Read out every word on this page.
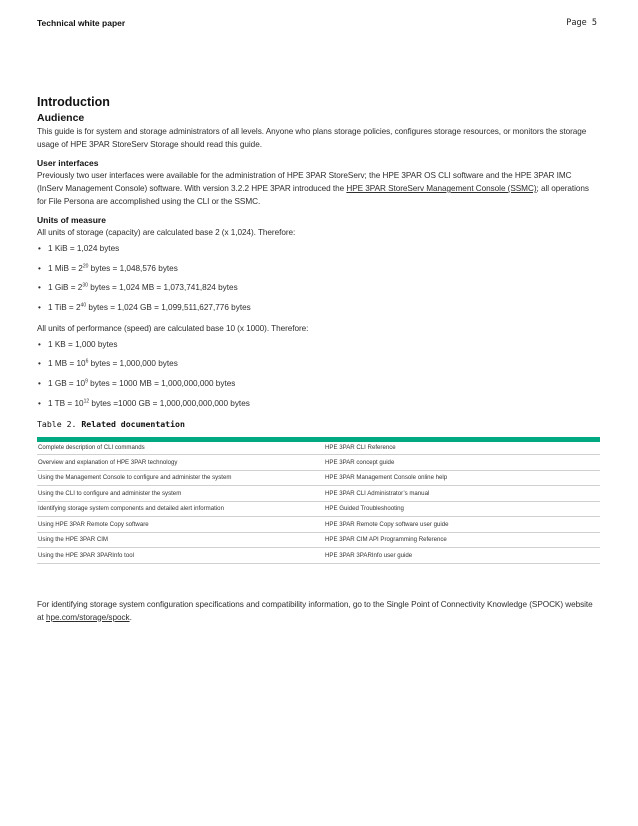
Technical white paper	Page 5
Introduction
Audience

This guide is for system and storage administrators of all levels. Anyone who plans storage policies, configures storage resources, or monitors the storage usage of HPE 3PAR StoreServ Storage should read this guide.

User interfaces

Previously two user interfaces were available for the administration of HPE 3PAR StoreServ; the HPE 3PAR OS CLI software and the HPE 3PAR IMC (InServ Management Console) software. With version 3.2.2 HPE 3PAR introduced the HPE 3PAR StoreServ Management Console (SSMC); all operations for File Persona are accomplished using the CLI or the SSMC.

Units of measure

All units of storage (capacity) are calculated base 2 (x 1,024). Therefore:

• 1 KiB = 1,024 bytes
• 1 MiB = $2^{20}$ bytes = 1,048,576 bytes
• 1 GiB = $2^{30}$ bytes = 1,024 MB = 1,073,741,824 bytes
• 1 TiB = $2^{40}$ bytes = 1,024 GB = 1,099,511,627,776 bytes

All units of performance (speed) are calculated base 10 (x 1000). Therefore:

• 1 KB = 1,000 bytes
• 1 MB = $10^6$ bytes = 1,000,000 bytes
• 1 GB = $10^9$ bytes = 1000 MB = 1,000,000,000 bytes
• 1 TB = $10^{12}$ bytes =1000 GB = 1,000,000,000,000 bytes
Table 2. Related documentation
Complete description of CLI commands	HPE 3PAR CLI Reference
Overview and explanation of HPE 3PAR technology	HPE 3PAR concept guide
Using the Management Console to configure and administer the system	HPE 3PAR Management Console online help
Using the CLI to configure and administer the system	HPE 3PAR CLI Administrator’s manual
Identifying storage system components and detailed alert information	HPE Guided Troubleshooting
Using HPE 3PAR Remote Copy software	HPE 3PAR Remote Copy software user guide
Using the HPE 3PAR CIM	HPE 3PAR CIM API Programming Reference
Using the HPE 3PAR 3PARInfo tool	HPE 3PAR 3PARInfo user guide

For identifying storage system configuration specifications and compatibility information, go to the Single Point of Connectivity Knowledge (SPOCK) website at hpe.com/storage/spock.
